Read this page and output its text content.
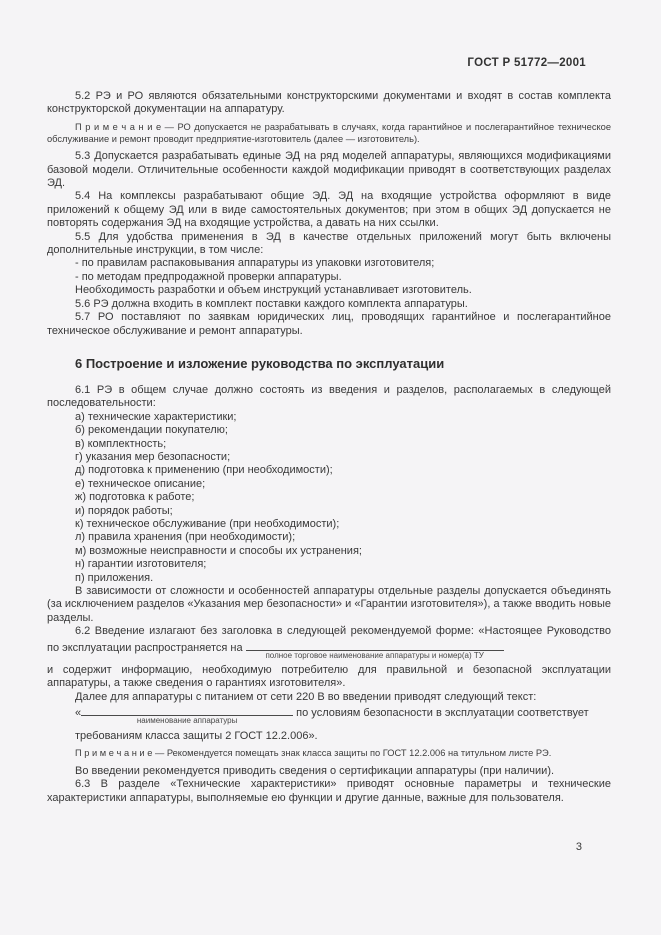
ГОСТ Р 51772—2001

5.2 РЭ и РО являются обязательными конструкторскими документами и входят в состав комплекта конструкторской документации на аппаратуру.

П р и м е ч а н и е — РО допускается не разрабатывать в случаях, когда гарантийное и послегарантийное техническое обслуживание и ремонт проводит предприятие-изготовитель (далее — изготовитель).

5.3 Допускается разрабатывать единые ЭД на ряд моделей аппаратуры, являющихся модификациями базовой модели. Отличительные особенности каждой модификации приводят в соответствующих разделах ЭД.

5.4 На комплексы разрабатывают общие ЭД. ЭД на входящие устройства оформляют в виде приложений к общему ЭД или в виде самостоятельных документов; при этом в общих ЭД допускается не повторять содержания ЭД на входящие устройства, а давать на них ссылки.

5.5 Для удобства применения в ЭД в качестве отдельных приложений могут быть включены дополнительные инструкции, в том числе:

- по правилам распаковывания аппаратуры из упаковки изготовителя;

- по методам предпродажной проверки аппаратуры.

Необходимость разработки и объем инструкций устанавливает изготовитель.

5.6 РЭ должна входить в комплект поставки каждого комплекта аппаратуры.

5.7 РО поставляют по заявкам юридических лиц, проводящих гарантийное и послегарантийное техническое обслуживание и ремонт аппаратуры.

6 Построение и изложение руководства по эксплуатации

6.1 РЭ в общем случае должно состоять из введения и разделов, располагаемых в следующей последовательности:

а) технические характеристики;

б) рекомендации покупателю;

в) комплектность;

г) указания мер безопасности;

д) подготовка к применению (при необходимости);

е) техническое описание;

ж) подготовка к работе;

и) порядок работы;

к) техническое обслуживание (при необходимости);

л) правила хранения (при необходимости);

м) возможные неисправности и способы их устранения;

н) гарантии изготовителя;

п) приложения.

В зависимости от сложности и особенностей аппаратуры отдельные разделы допускается объединять (за исключением разделов «Указания мер безопасности» и «Гарантии изготовителя»), а также вводить новые разделы.

6.2 Введение излагают без заголовка в следующей рекомендуемой форме: «Настоящее Руководство по эксплуатации распространяется на
полное торговое наименование аппаратуры и номер(а) ТУ

и содержит информацию, необходимую потребителю для правильной и безопасной эксплуатации аппаратуры, а также сведения о гарантиях изготовителя».

Далее для аппаратуры с питанием от сети 220 В во введении приводят следующий текст:

«
наименование аппаратуры
по условиям безопасности в эксплуатации соответствует

требованиям класса защиты 2 ГОСТ 12.2.006».

П р и м е ч а н и е — Рекомендуется помещать знак класса защиты по ГОСТ 12.2.006 на титульном листе РЭ.

Во введении рекомендуется приводить сведения о сертификации аппаратуры (при наличии).

6.3 В разделе «Технические характеристики» приводят основные параметры и технические характеристики аппаратуры, выполняемые ею функции и другие данные, важные для пользователя.

3
